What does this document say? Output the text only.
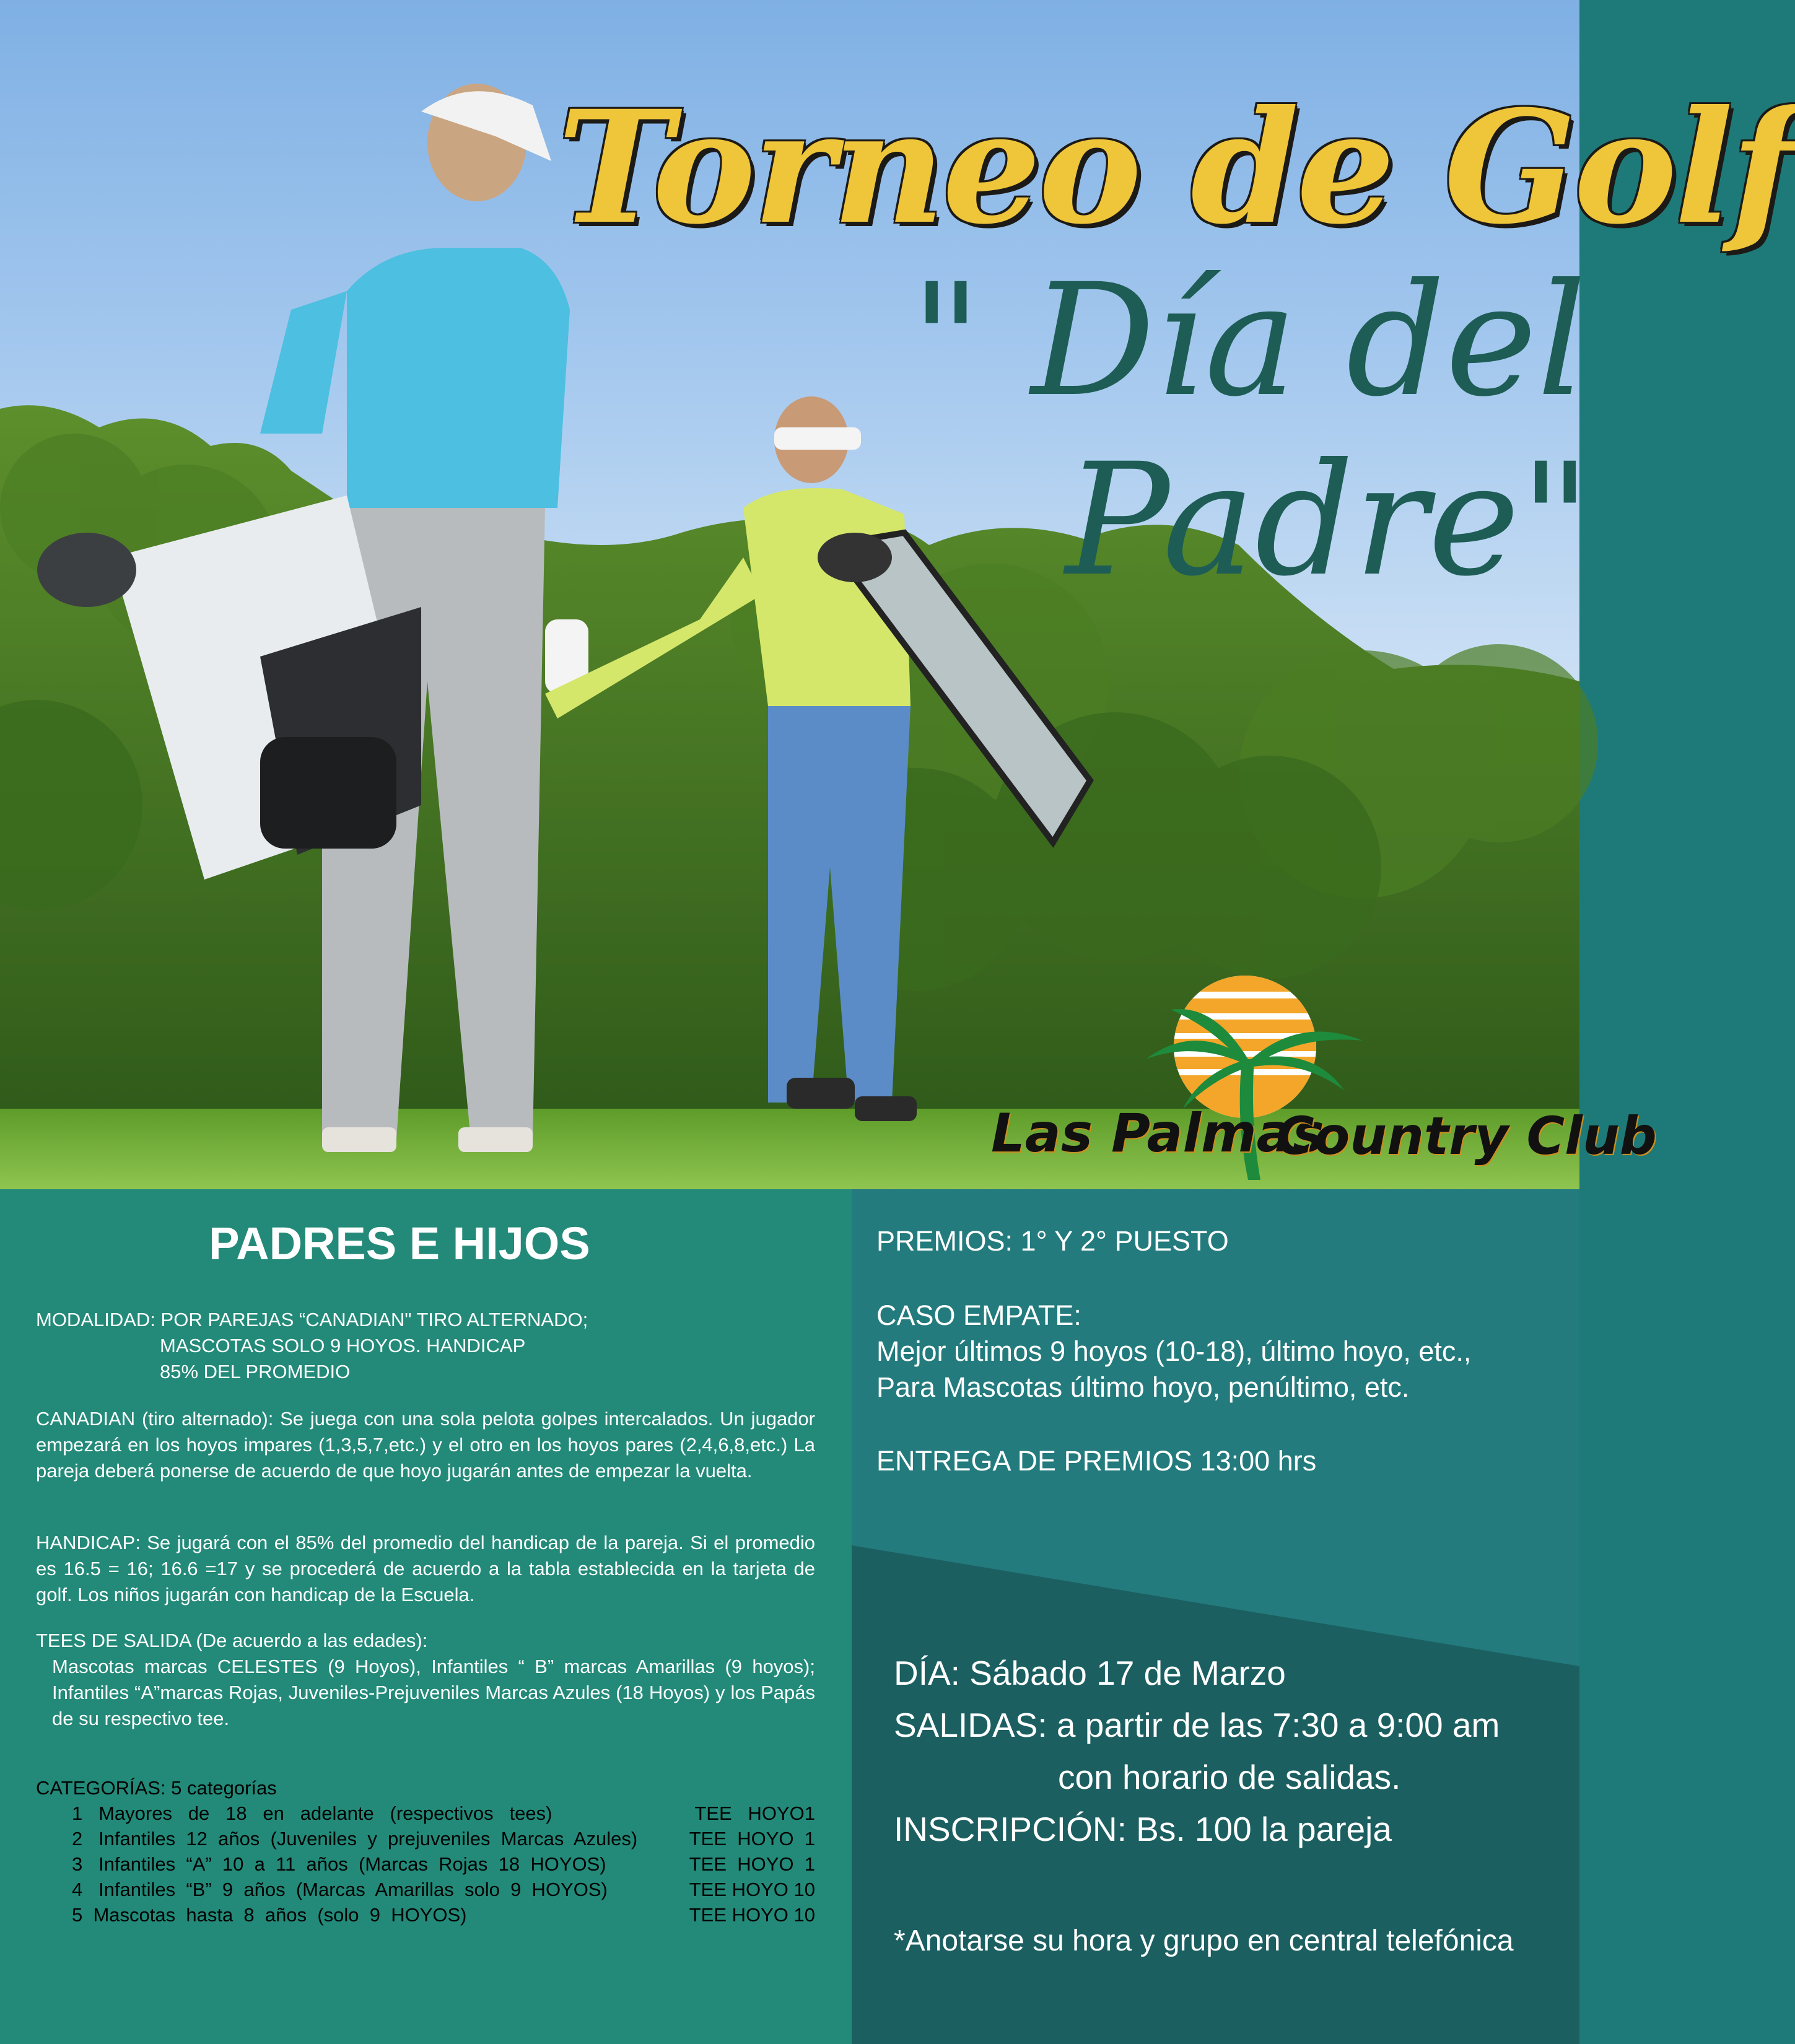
Torneo de Golf
" Día del
Padre"
Las Palmas
Country Club
PADRES E HIJOS
MODALIDAD: POR PAREJAS “CANADIAN" TIRO ALTERNADO;
MASCOTAS SOLO 9 HOYOS. HANDICAP
85% DEL PROMEDIO
CANADIAN (tiro alternado): Se juega con una sola pelota golpes intercalados. Un jugador empezará en los hoyos impares (1,3,5,7,etc.) y el otro en los hoyos pares (2,4,6,8,etc.) La pareja deberá ponerse de acuerdo de que hoyo jugarán antes de empezar la vuelta.
HANDICAP: Se jugará con el 85% del promedio del handicap de la pareja. Si el promedio es 16.5 = 16; 16.6 =17 y se procederá de acuerdo a la tabla establecida en la tarjeta de golf. Los niños jugarán con handicap de la Escuela.
TEES DE SALIDA (De acuerdo a las edades):
Mascotas marcas CELESTES (9 Hoyos), Infantiles “ B” marcas Amarillas (9 hoyos); Infantiles “A”marcas Rojas, Juveniles-Prejuveniles Marcas Azules (18 Hoyos) y los Papás de su respectivo tee.
CATEGORÍAS: 5 categorías
1   Mayores   de   18   en   adelante   (respectivos   tees)	TEE   HOYO1
2   Infantiles  12  años  (Juveniles  y  prejuveniles  Marcas  Azules)	TEE  HOYO  1
3   Infantiles  “A”  10  a  11  años  (Marcas  Rojas  18  HOYOS)	TEE  HOYO  1
4   Infantiles  “B”  9  años  (Marcas  Amarillas  solo  9  HOYOS)	TEE HOYO 10
5  Mascotas  hasta  8  años  (solo  9  HOYOS)	TEE HOYO 10
PREMIOS: 1° Y 2° PUESTO
CASO EMPATE:
Mejor últimos 9 hoyos (10-18), último hoyo, etc.,
Para Mascotas último hoyo, penúltimo, etc.
ENTREGA DE PREMIOS 13:00 hrs
DÍA: Sábado 17 de Marzo
SALIDAS: a partir de las 7:30 a 9:00 am
con horario de salidas.
INSCRIPCIÓN: Bs. 100 la pareja
*Anotarse su hora y grupo en central telefónica
